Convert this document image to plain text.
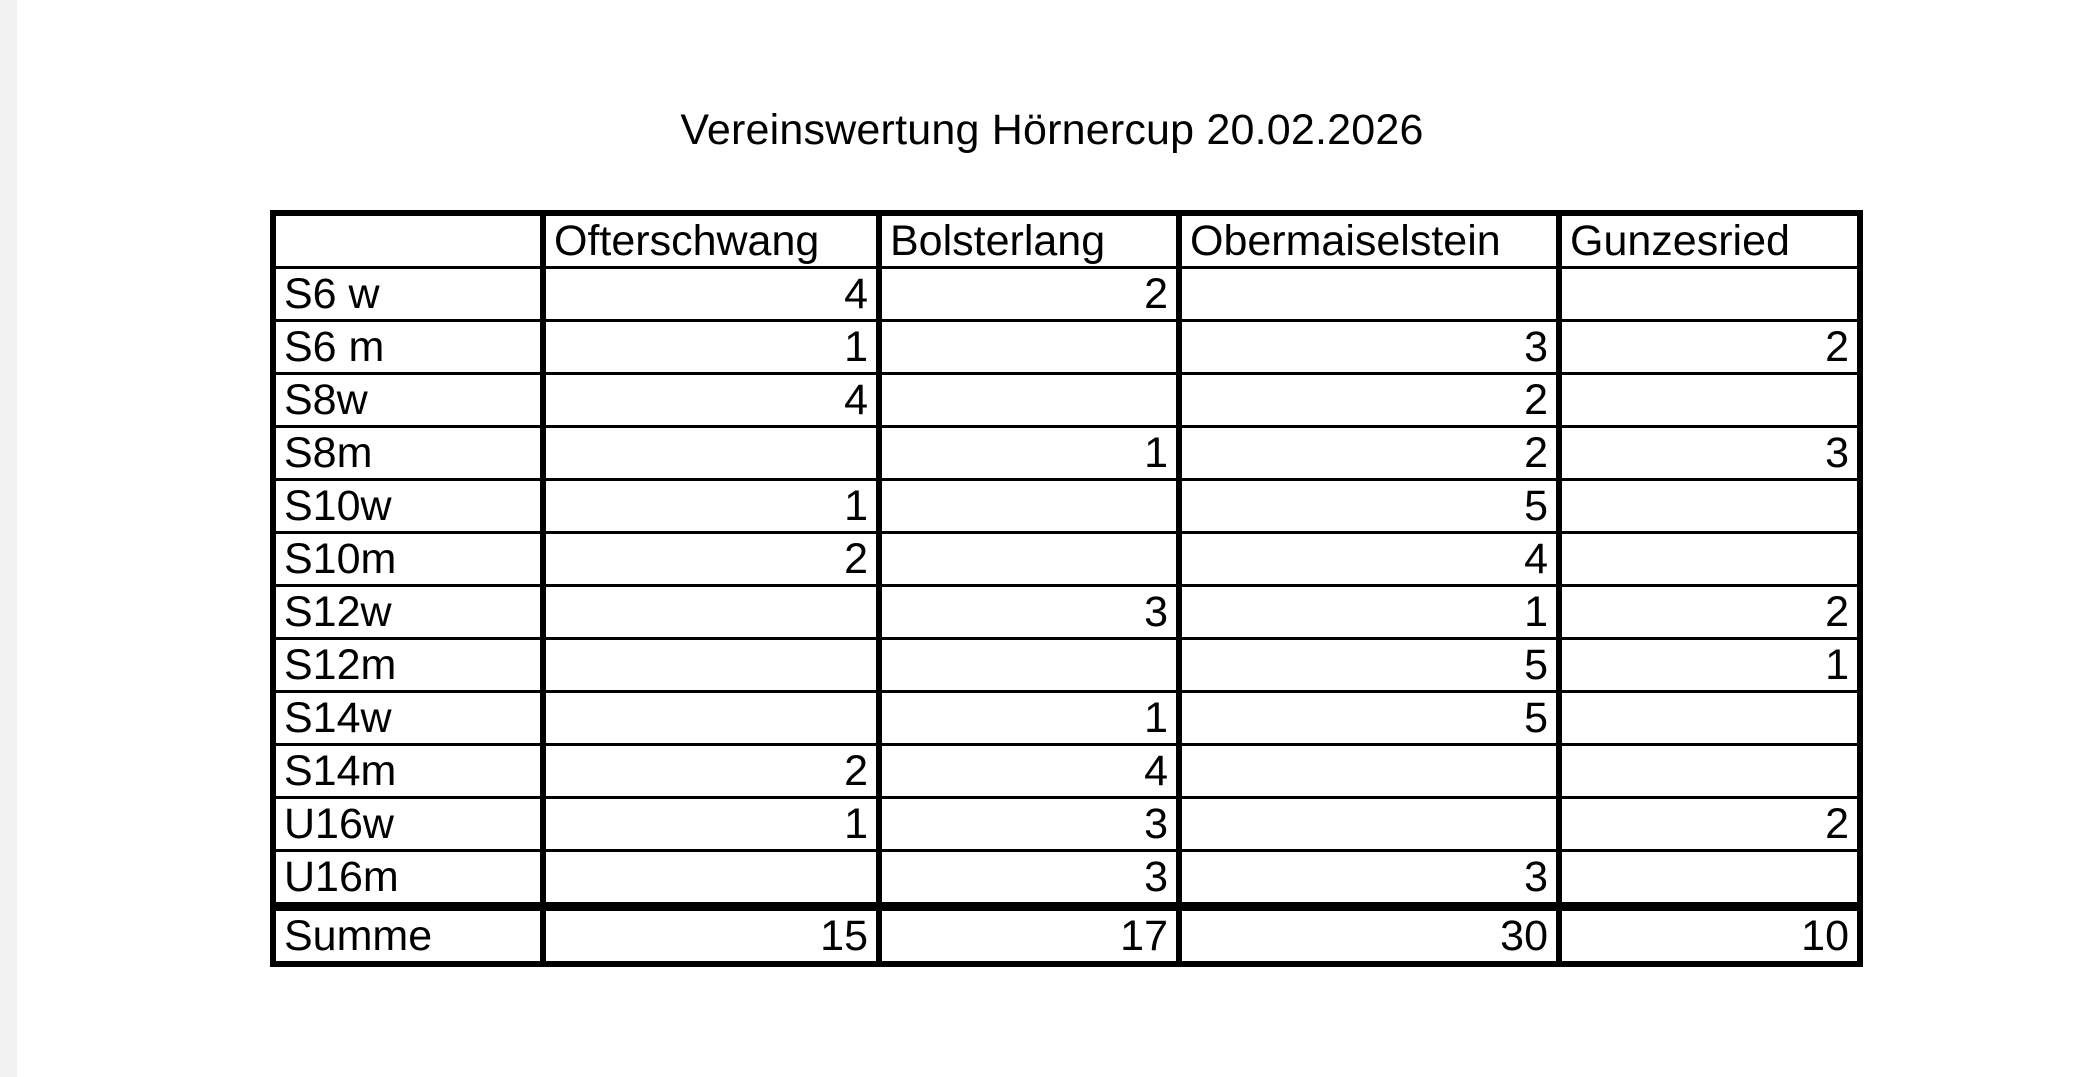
Vereinswertung Hörnercup 20.02.2026
	Ofterschwang	Bolsterlang	Obermaiselstein	Gunzesried
S6 w	4	2		
S6 m	1		3	2
S8w	4		2	
S8m		1	2	3
S10w	1		5	
S10m	2		4	
S12w		3	1	2
S12m			5	1
S14w		1	5	
S14m	2	4		
U16w	1	3		2
U16m		3	3	
Summe	15	17	30	10
